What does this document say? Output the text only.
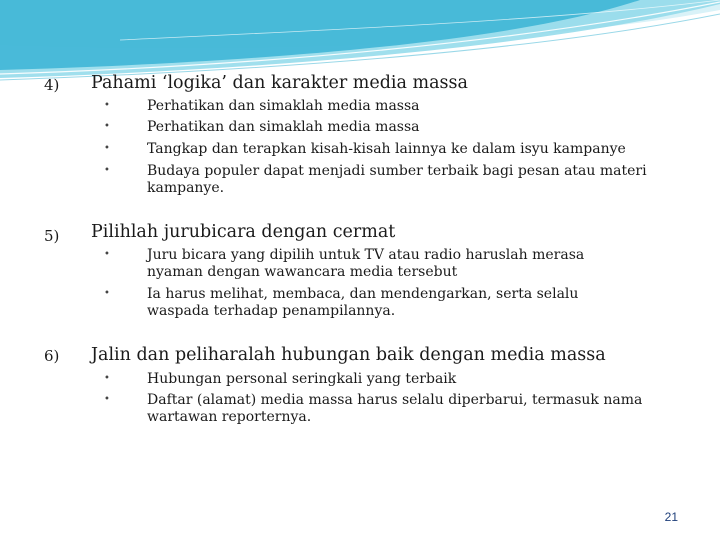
4) Pahami ‘logika’ dan karakter media massa
•	Perhatikan dan simaklah media massa
•	Perhatikan dan simaklah media massa
•	Tangkap dan terapkan kisah-kisah lainnya ke dalam isyu kampanye
•	Budaya populer dapat menjadi sumber terbaik bagi pesan atau materi kampanye.
5) Pilihlah jurubicara dengan cermat
•	Juru bicara yang dipilih untuk TV atau radio haruslah merasa nyaman dengan wawancara media tersebut
•	Ia harus melihat, membaca, dan mendengarkan, serta selalu waspada terhadap penampilannya.
6) Jalin dan peliharalah hubungan baik dengan media massa
•	Hubungan personal seringkali yang terbaik
•	Daftar (alamat) media massa harus selalu diperbarui, termasuk nama wartawan reporternya.
21
